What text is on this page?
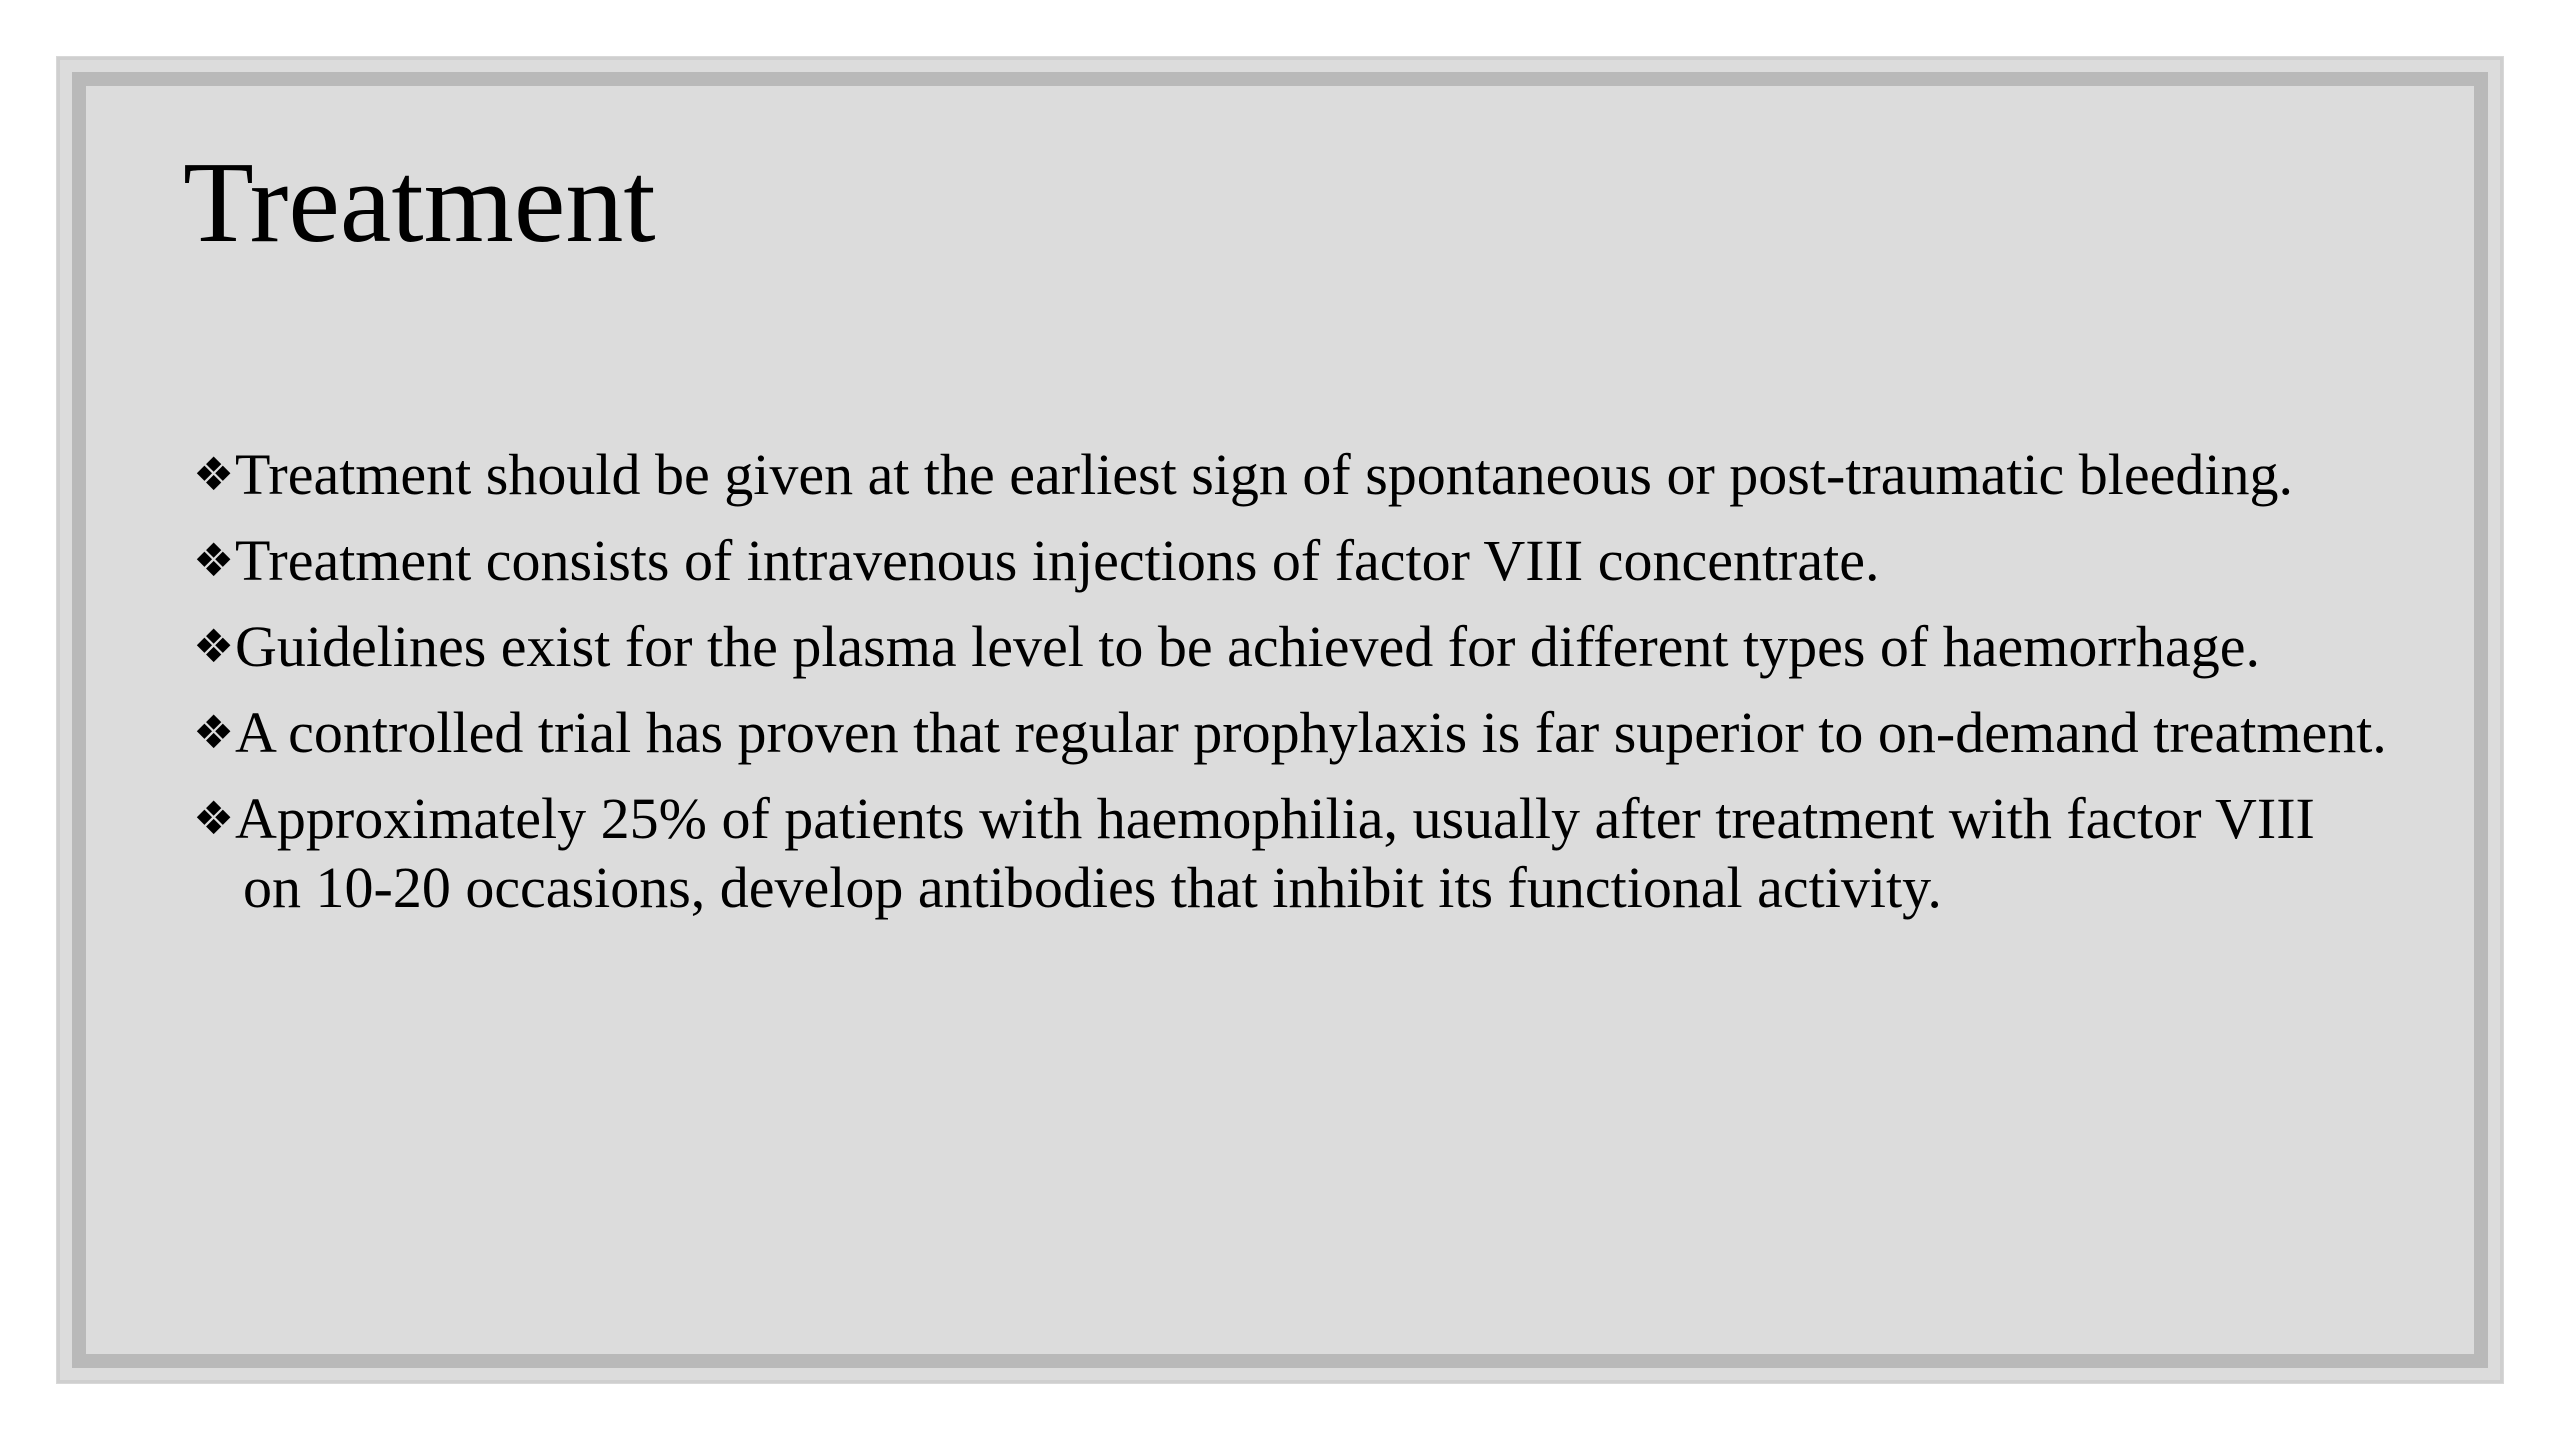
Treatment
❖ Treatment should be given at the earliest sign of spontaneous or post-traumatic bleeding.
❖ Treatment consists of intravenous injections of factor VIII concentrate.
❖ Guidelines exist for the plasma level to be achieved for different types of haemorrhage.
❖ A controlled trial has proven that regular prophylaxis is far superior to on-demand treatment.
❖ Approximately 25% of patients with haemophilia, usually after treatment with factor VIII on 10-20 occasions, develop antibodies that inhibit its functional activity.
